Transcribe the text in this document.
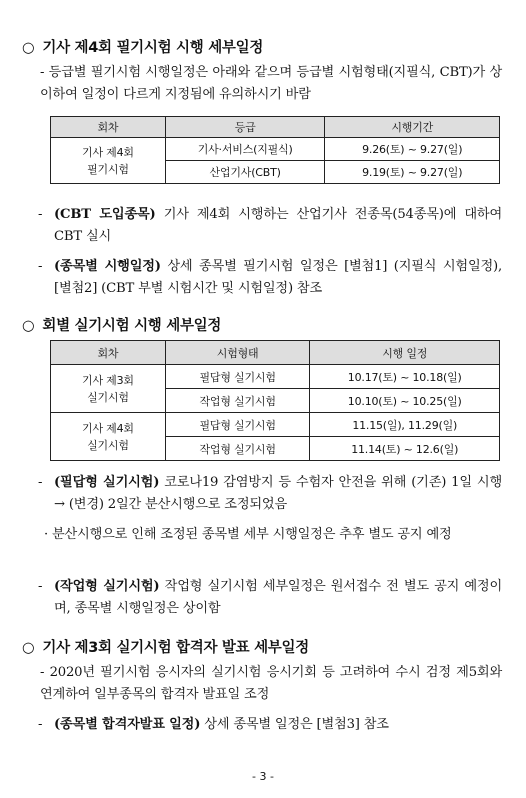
○ 기사 제4회 필기시험 시행 세부일정
- 등급별 필기시험 시행일정은 아래와 같으며 등급별 시험형태(지필식, CBT)가 상이하여 일정이 다르게 지정됨에 유의하시기 바람
회차	등급	시행기간
기사 제4회 필기시험	기사·서비스(지필식)	9.26(토) ~ 9.27(일)
	산업기사(CBT)	9.19(토) ~ 9.27(일)
- (CBT 도입종목) 기사 제4회 시행하는 산업기사 전종목(54종목)에 대하여 CBT 실시
- (종목별 시행일정) 상세 종목별 필기시험 일정은 [별첨1] (지필식 시험일정), [별첨2] (CBT 부별 시험시간 및 시험일정) 참조
○ 회별 실기시험 시행 세부일정
회차	시험형태	시행 일정
기사 제3회 실기시험	필답형 실기시험	10.17(토) ~ 10.18(일)
	작업형 실기시험	10.10(토) ~ 10.25(일)
기사 제4회 실기시험	필답형 실기시험	11.15(일), 11.29(일)
	작업형 실기시험	11.14(토) ~ 12.6(일)
- (필답형 실기시험) 코로나19 감염방지 등 수험자 안전을 위해 (기존) 1일 시행 → (변경) 2일간 분산시행으로 조정되었음
· 분산시행으로 인해 조정된 종목별 세부 시행일정은 추후 별도 공지 예정
- (작업형 실기시험) 작업형 실기시험 세부일정은 원서접수 전 별도 공지 예정이며, 종목별 시행일정은 상이함
○ 기사 제3회 실기시험 합격자 발표 세부일정
- 2020년 필기시험 응시자의 실기시험 응시기회 등 고려하여 수시 검정 제5회와 연계하여 일부종목의 합격자 발표일 조정
- (종목별 합격자발표 일정) 상세 종목별 일정은 [별첨3] 참조
- 3 -
